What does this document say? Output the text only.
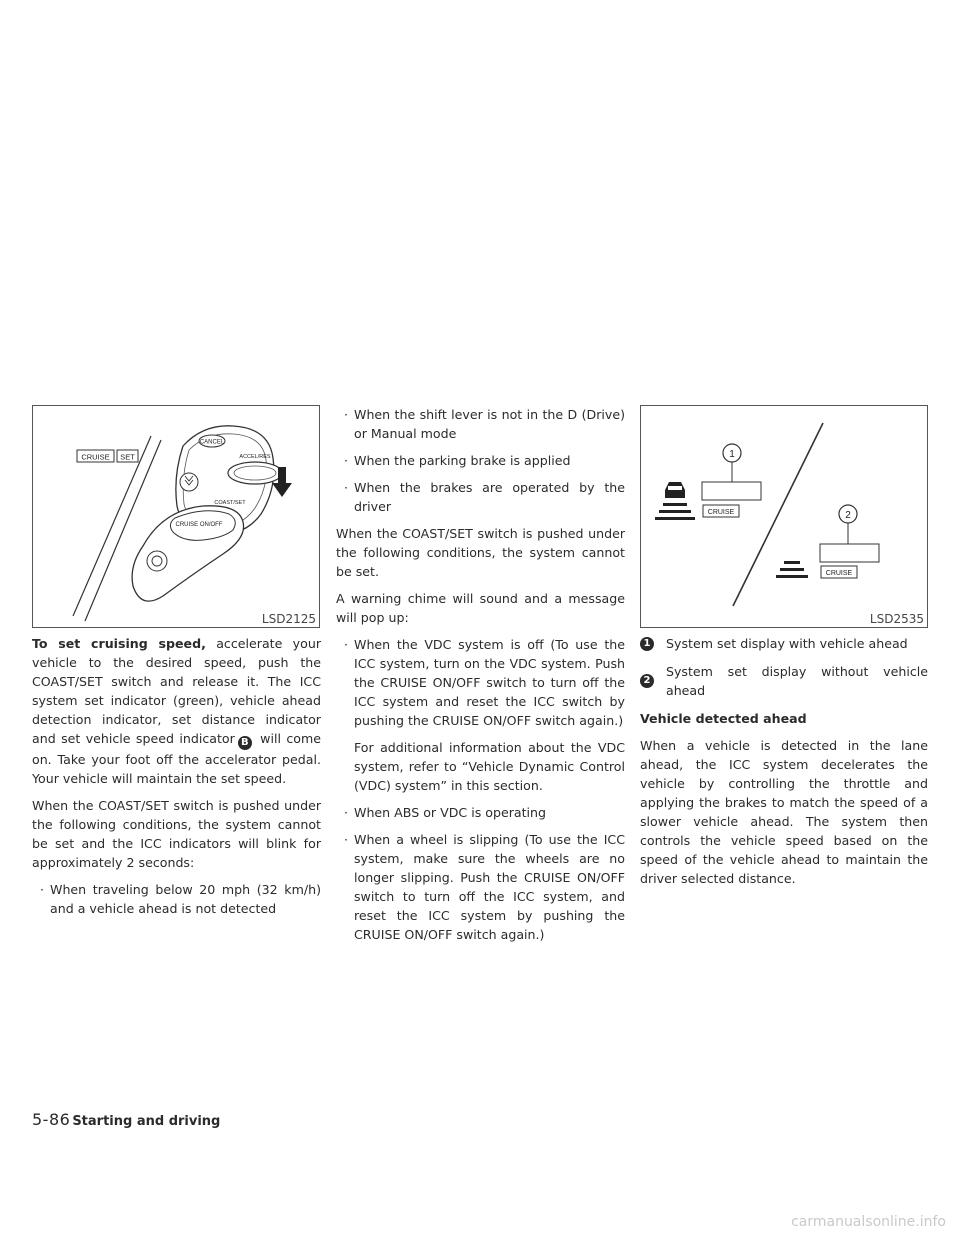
CRUISE SET
CANCEL
ACCEL/RES
COAST/SET
CRUISE ON/OFF
LSD2125
1
CRUISE	2
CRUISE
LSD2535

To set cruising speed, accelerate your vehicle to the desired speed, push the COAST/SET switch and release it. The ICC system set indicator (green), vehicle ahead detection indicator, set distance indicator and set vehicle speed indicator B will come on. Take your foot off the accelerator pedal. Your vehicle will maintain the set speed.

When the COAST/SET switch is pushed under the following conditions, the system cannot be set and the ICC indicators will blink for approximately 2 seconds:

· When traveling below 20 mph (32 km/h) and a vehicle ahead is not detected
· When the shift lever is not in the D (Drive) or Manual mode
· When the parking brake is applied
· When the brakes are operated by the driver

When the COAST/SET switch is pushed under the following conditions, the system cannot be set.

A warning chime will sound and a message will pop up:

· When the VDC system is off (To use the ICC system, turn on the VDC system. Push the CRUISE ON/OFF switch to turn off the ICC system and reset the ICC switch by pushing the CRUISE ON/OFF switch again.)
For additional information about the VDC system, refer to “Vehicle Dynamic Control (VDC) system” in this section.
· When ABS or VDC is operating
· When a wheel is slipping (To use the ICC system, make sure the wheels are no longer slipping. Push the CRUISE ON/OFF switch to turn off the ICC system, and reset the ICC system by pushing the CRUISE ON/OFF switch again.)
1 System set display with vehicle ahead
2
System set display without vehicle ahead

Vehicle detected ahead

When a vehicle is detected in the lane ahead, the ICC system decelerates the vehicle by controlling the throttle and applying the brakes to match the speed of a slower vehicle ahead. The system then controls the vehicle speed based on the speed of the vehicle ahead to maintain the driver selected distance.

5-86 Starting and driving
carmanualsonline.info
